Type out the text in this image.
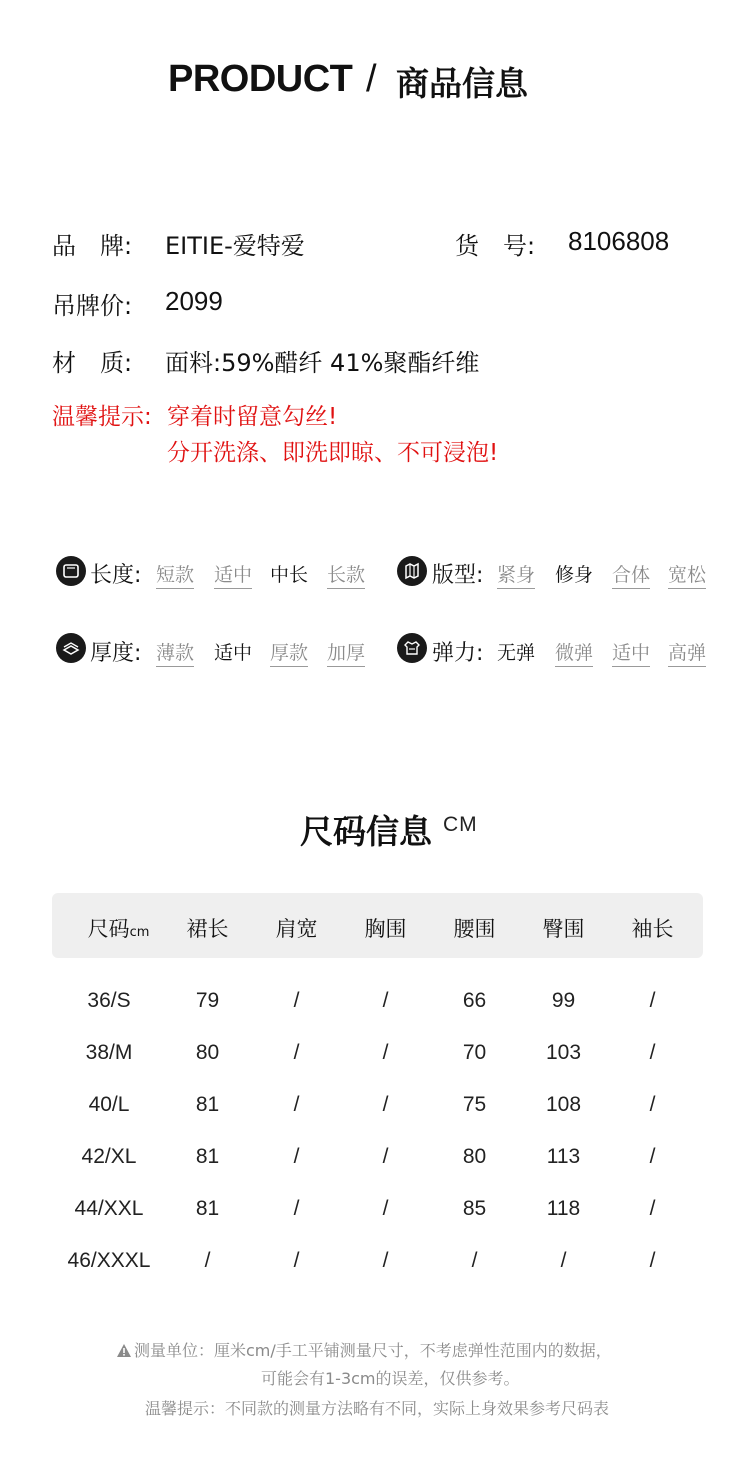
PRODUCT / 商品信息
品　牌: EITIE-爱特爱	货　号: 8106808
吊牌价: 2099
材　质: 面料:59%醋纤 41%聚酯纤维
温馨提示: 穿着时留意勾丝!
分开洗涤、即洗即晾、不可浸泡!
长度: 短款 适中 中长 长款	版型: 紧身 修身 合体 宽松
厚度: 薄款 适中 厚款 加厚	弹力: 无弹 微弹 适中 高弹
尺码信息 CM
尺码cm	裙长	肩宽	胸围	腰围	臀围	袖长
36/S	79	/	/	66	99	/
38/M	80	/	/	70	103	/
40/L	81	/	/	75	108	/
42/XL	81	/	/	80	113	/
44/XXL	81	/	/	85	118	/
46/XXXL	/	/	/	/	/	/
测量单位：厘米cm/手工平铺测量尺寸，不考虑弹性范围内的数据，
可能会有1-3cm的误差，仅供参考。
温馨提示：不同款的测量方法略有不同，实际上身效果参考尺码表
